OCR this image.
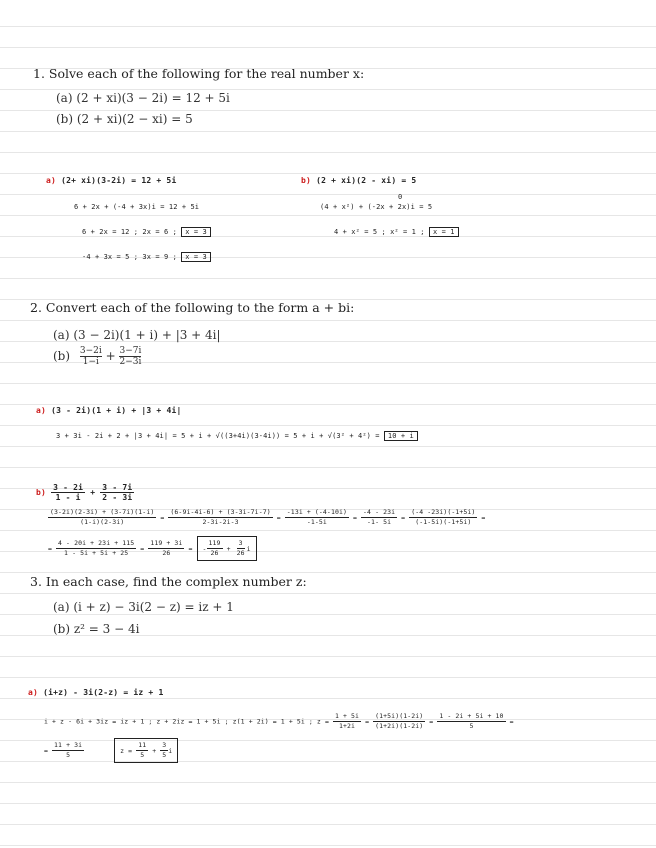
1. Solve each of the following for the real number x:
(a) (2 + xi)(3 − 2i) = 12 + 5i
(b) (2 + xi)(2 − xi) = 5
a) (2+ xi)(3-2i) = 12 + 5i
6 + 2x + (-4 + 3x)i = 12 + 5i
6 + 2x = 12 ; 2x = 6 ; x = 3
-4 + 3x = 5 ; 3x = 9 ; x = 3
b) (2 + xi)(2 - xi) = 5
0
(4 + x²) + (-2x + 2x)i = 5
4 + x² = 5 ; x² = 1 ; x = 1
2. Convert each of the following to the form a + bi:
(a) (3 − 2i)(1 + i) + |3 + 4i|
$(b) \frac{3-2i}{1-i} + \frac{3-7i}{2-3i}$
a) (3 - 2i)(1 + i) + |3 + 4i|
3 + 3i - 2i + 2 + |3 + 4i| = 5 + i + √((3+4i)(3-4i)) = 5 + i + √(3² + 4²) = 10 + i
$b) \frac{3 - 2i}{1 - i} + \frac{3 - 7i}{2 - 3i}$
$\frac{(3-2i)(2-3i) + (3-7i)(1-i)}{(1-i)(2-3i)} = \frac{(6-9i-4i-6) + (3-3i-7i-7)}{2-3i-2i-3} = \frac{-13i + (-4-10i)}{-1-5i} = \frac{-4 - 23i}{-1- 5i} = \frac{(-4 -23i)(-1+5i)}{(-1-5i)(-1+5i)}$ =
= $\frac{4 - 20i + 23i + 115}{1 - 5i + 5i + 25} = \frac{119 + 3i}{26}$ = - $\frac{119}{26} + \frac{3}{26}$ i
3. In each case, find the complex number z:
(a) (i + z) − 3i(2 − z) = iz + 1
(b) z² = 3 − 4i
a) (i+z) - 3i(2-z) = iz + 1
i + z - 6i + 3iz = iz + 1 ; z + 2iz = 1 + 5i ; z(1 + 2i) = 1 + 5i ; $z = \frac{1 + 5i}{1+2i} = \frac{(1+5i)(1-2i)}{(1+2i)(1-2i)} = \frac{1 - 2i + 5i + 10}{5}$ =
= $\frac{11 + 3i}{5}$
	z =
$\frac{11}{5} + \frac{3}{5}$ i
